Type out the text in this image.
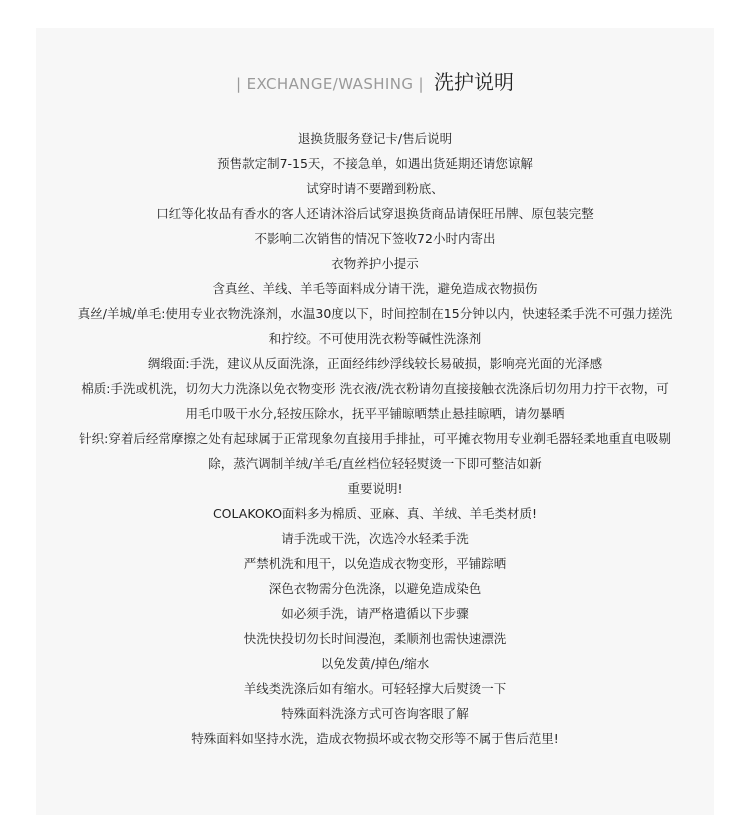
| EXCHANGE/WASHING | 洗护说明
退换货服务登记卡/售后说明
预售款定制7-15天，不接急单，如遇出货延期还请您谅解
试穿时请不要蹭到粉底、
口红等化妆品有香水的客人还请沐浴后试穿退换货商品请保旺吊牌、原包装完整
不影响二次销售的情况下签收72小时内寄出
衣物养护小提示
含真丝、羊线、羊毛等面料成分请干洗，避免造成衣物损伤
真丝/羊城/单毛:使用专业衣物洗涤剂，水温30度以下，时间控制在15分钟以内，快速轻柔手洗不可强力搓洗
和拧绞。不可使用洗衣粉等碱性洗涤剂
绸缎面:手洗，建议从反面洗涤，正面经纬纱浮线较长易破损，影响亮光面的光泽感
棉质:手洗或机洗，切勿大力洗涤以免衣物变形 洗衣液/洗衣粉请勿直接接触衣洗涤后切勿用力拧干衣物，可
用毛巾吸干水分,轻按压除水，抚平平铺晾晒禁止悬挂晾晒，请勿暴晒
针织:穿着后经常摩擦之处有起球属于正常现象勿直接用手排扯，可平摊衣物用专业剃毛器轻柔地重直电吸剔
除，蒸汽调制羊绒/羊毛/直丝档位轻轻熨烫一下即可整洁如新
重要说明!
COLAKOKO面料多为棉质、亚麻、真、羊绒、羊毛类材质!
请手洗或干洗，次选冷水轻柔手洗
严禁机洗和甩干，以免造成衣物变形，平铺踪晒
深色衣物需分色洗涤，以避免造成染色
如必须手洗，请严格遣循以下步骤
快洗快投切勿长时间漫泡，柔顺剂也需快速漂洗
以免发黄/掉色/缩水
羊线类洗涤后如有缩水。可轻轻撑大后熨烫一下
特殊面料洗涤方式可咨询客眼了解
特殊面料如坚持水洗，造成衣物损坏或衣物交形等不属于售后范里!
